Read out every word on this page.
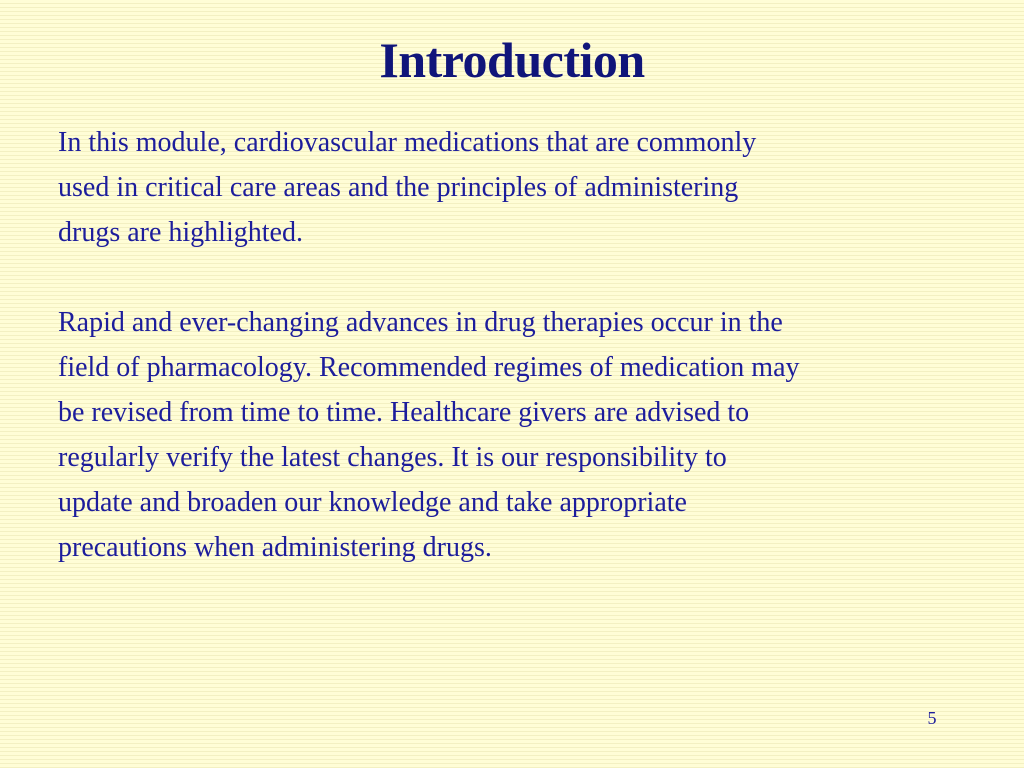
Introduction

In this module, cardiovascular medications that are commonly
used in critical care areas and the principles of administering
drugs are highlighted.

Rapid and ever-changing advances in drug therapies occur in the
field of pharmacology. Recommended regimes of medication may
be revised from time to time. Healthcare givers are advised to
regularly verify the latest changes. It is our responsibility to
update and broaden our knowledge and take appropriate
precautions when administering drugs.

5
